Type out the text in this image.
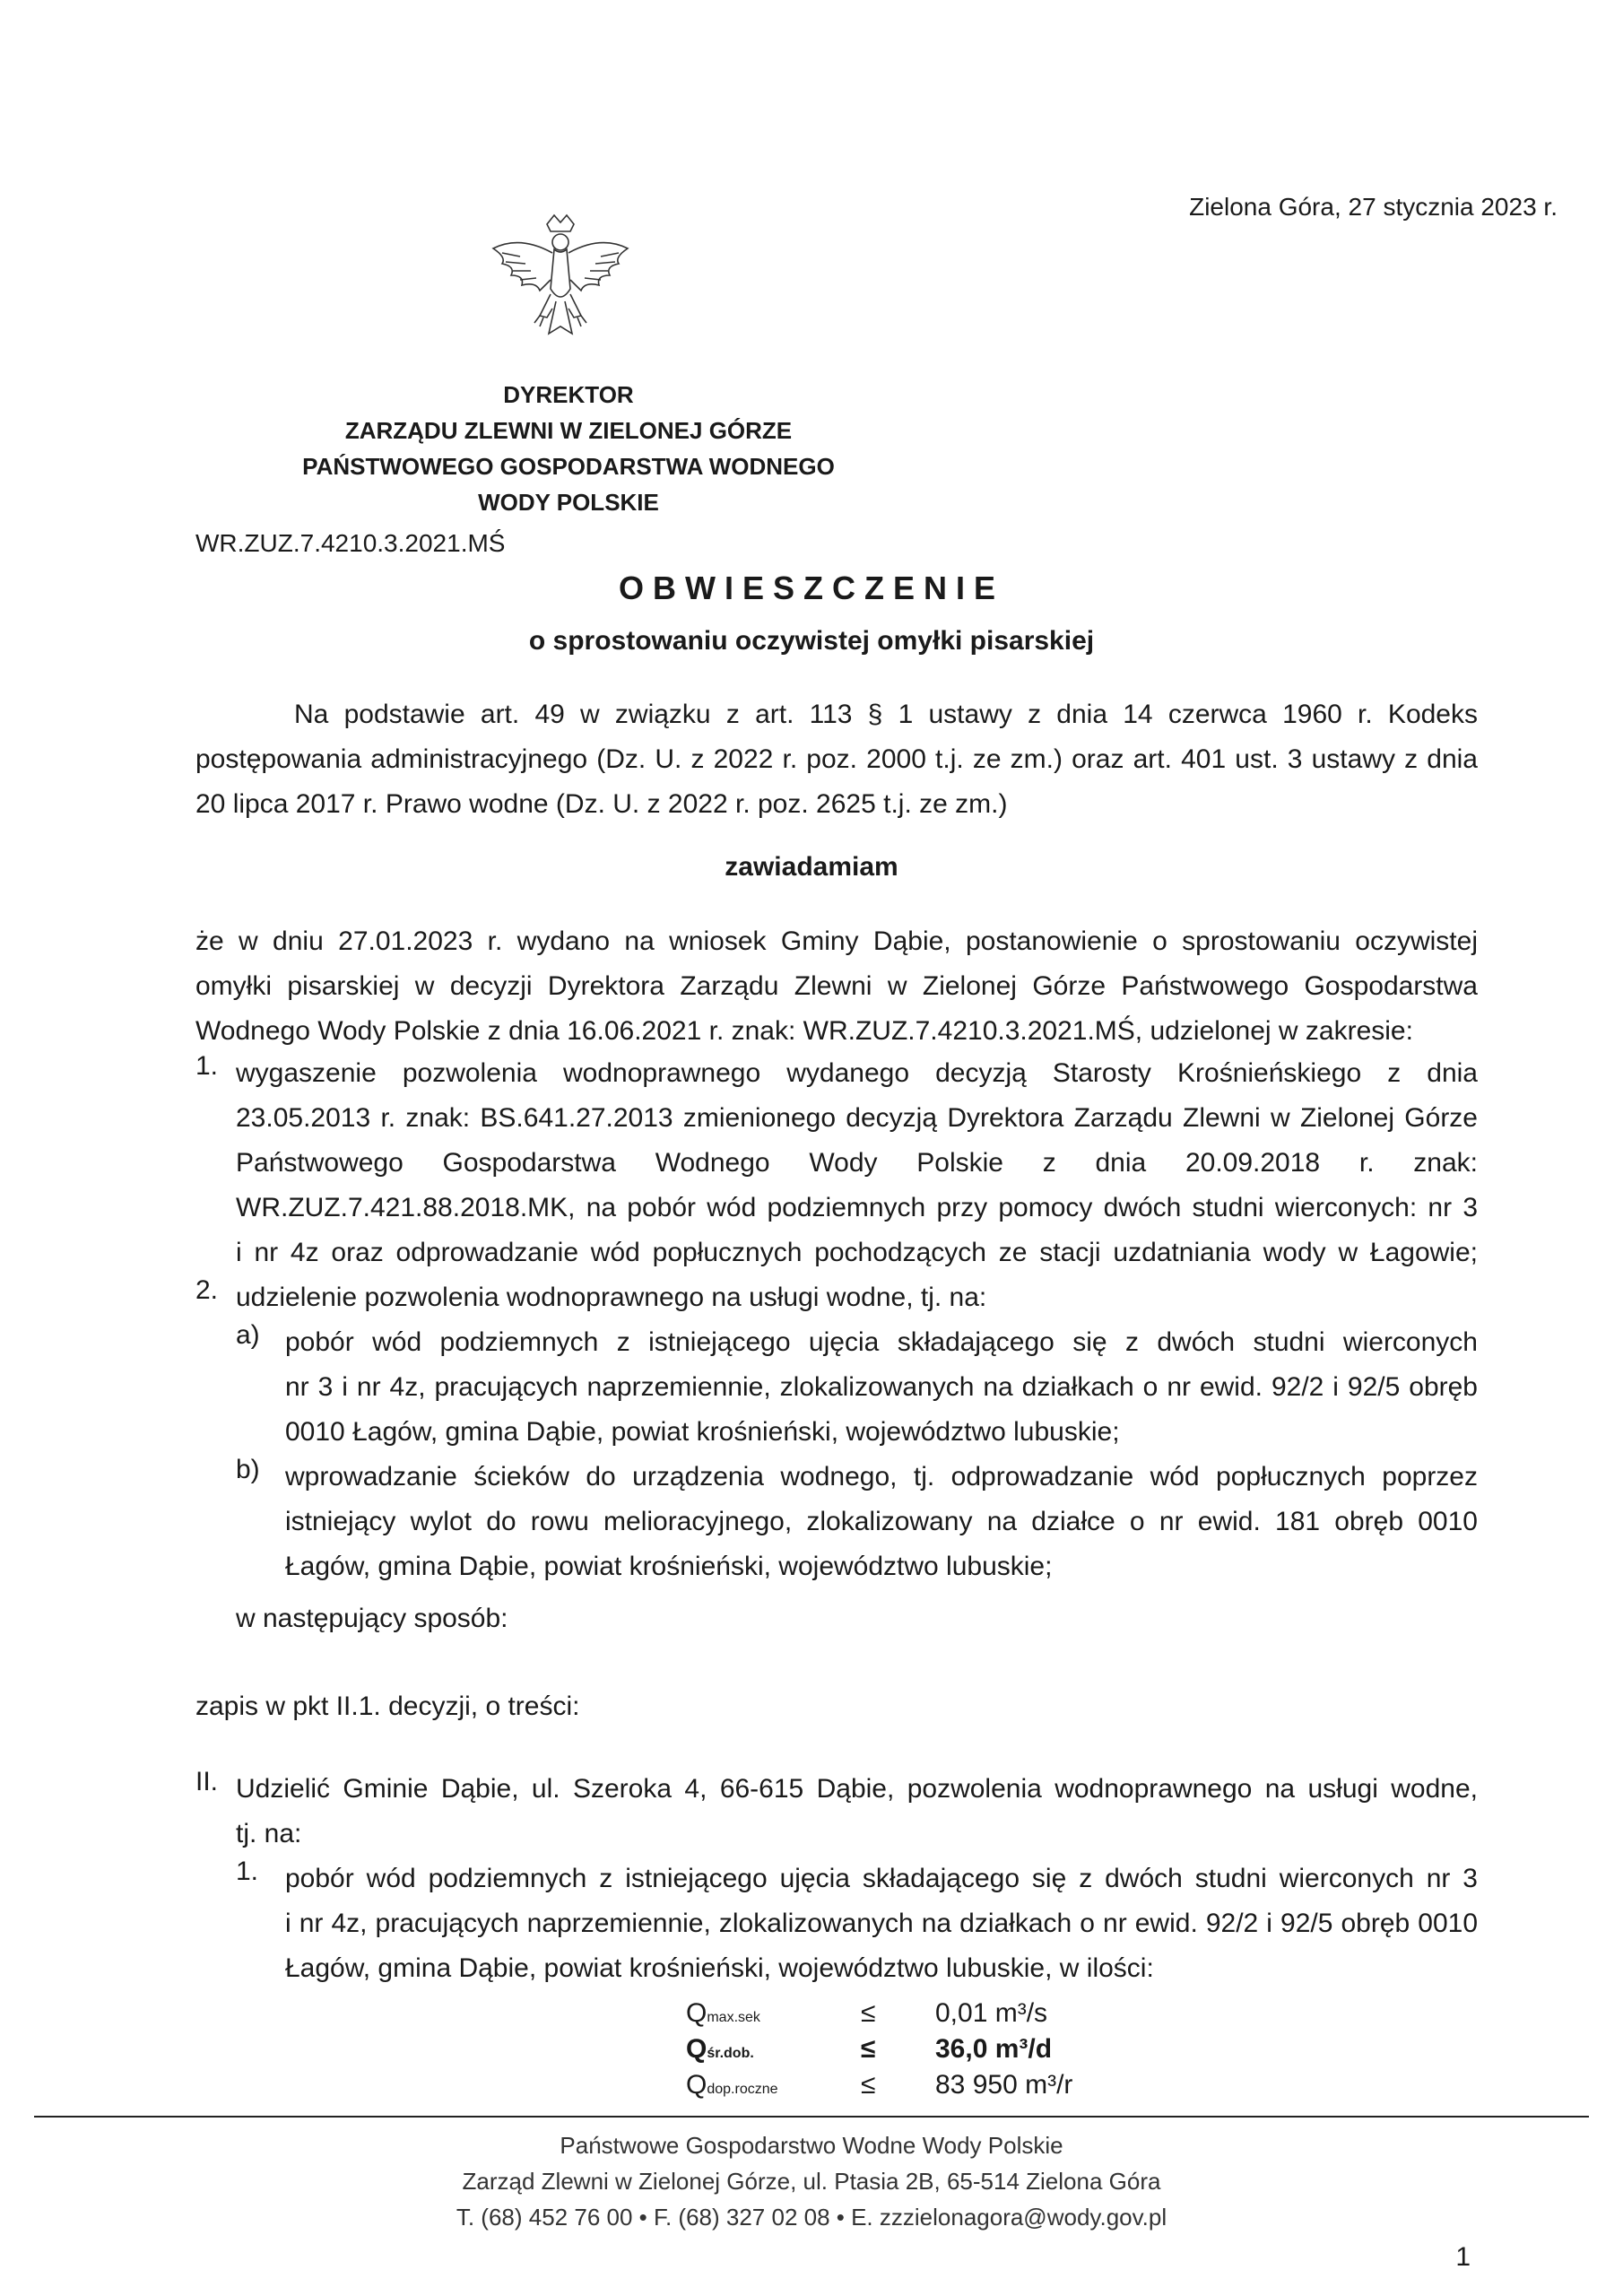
Zielona Góra, 27 stycznia 2023 r.
DYREKTOR
ZARZĄDU ZLEWNI W ZIELONEJ GÓRZE
PAŃSTWOWEGO GOSPODARSTWA WODNEGO
WODY POLSKIE
WR.ZUZ.7.4210.3.2021.MŚ
OBWIESZCZENIE
o sprostowaniu oczywistej omyłki pisarskiej
Na podstawie art. 49 w związku z art. 113 § 1 ustawy z dnia 14 czerwca 1960 r. Kodeks
postępowania administracyjnego (Dz. U. z 2022 r. poz. 2000 t.j. ze zm.) oraz art. 401 ust. 3 ustawy z dnia
20 lipca 2017 r. Prawo wodne (Dz. U. z 2022 r. poz. 2625 t.j. ze zm.)
zawiadamiam
że w dniu 27.01.2023 r. wydano na wniosek Gminy Dąbie, postanowienie o sprostowaniu oczywistej
omyłki pisarskiej w decyzji Dyrektora Zarządu Zlewni w Zielonej Górze Państwowego Gospodarstwa
Wodnego Wody Polskie z dnia 16.06.2021 r. znak: WR.ZUZ.7.4210.3.2021.MŚ, udzielonej w zakresie:
1. wygaszenie pozwolenia wodnoprawnego wydanego decyzją Starosty Krośnieńskiego z dnia
23.05.2013 r. znak: BS.641.27.2013 zmienionego decyzją Dyrektora Zarządu Zlewni w Zielonej Górze
Państwowego Gospodarstwa Wodnego Wody Polskie z dnia 20.09.2018 r. znak:
WR.ZUZ.7.421.88.2018.MK, na pobór wód podziemnych przy pomocy dwóch studni wierconych: nr 3
i nr 4z oraz odprowadzanie wód popłucznych pochodzących ze stacji uzdatniania wody w Łagowie;
2. udzielenie pozwolenia wodnoprawnego na usługi wodne, tj. na:
a) pobór wód podziemnych z istniejącego ujęcia składającego się z dwóch studni wierconych
nr 3 i nr 4z, pracujących naprzemiennie, zlokalizowanych na działkach o nr ewid. 92/2 i 92/5 obręb
0010 Łagów, gmina Dąbie, powiat krośnieński, województwo lubuskie;
b) wprowadzanie ścieków do urządzenia wodnego, tj. odprowadzanie wód popłucznych poprzez
istniejący wylot do rowu melioracyjnego, zlokalizowany na działce o nr ewid. 181 obręb 0010
Łagów, gmina Dąbie, powiat krośnieński, województwo lubuskie;
w następujący sposób:
zapis w pkt II.1. decyzji, o treści:
II. Udzielić Gminie Dąbie, ul. Szeroka 4, 66-615 Dąbie, pozwolenia wodnoprawnego na usługi wodne,
tj. na:
1. pobór wód podziemnych z istniejącego ujęcia składającego się z dwóch studni wierconych nr 3
i nr 4z, pracujących naprzemiennie, zlokalizowanych na działkach o nr ewid. 92/2 i 92/5 obręb 0010
Łagów, gmina Dąbie, powiat krośnieński, województwo lubuskie, w ilości:
Qmax.sek	≤ 0,01 m³/s
Qśr.dob.	≤ 36,0 m³/d
Qdop.roczne	≤ 83 950 m³/r
Państwowe Gospodarstwo Wodne Wody Polskie
Zarząd Zlewni w Zielonej Górze, ul. Ptasia 2B, 65-514 Zielona Góra
T. (68) 452 76 00 • F. (68) 327 02 08 • E. zzzielonagora@wody.gov.pl
1
